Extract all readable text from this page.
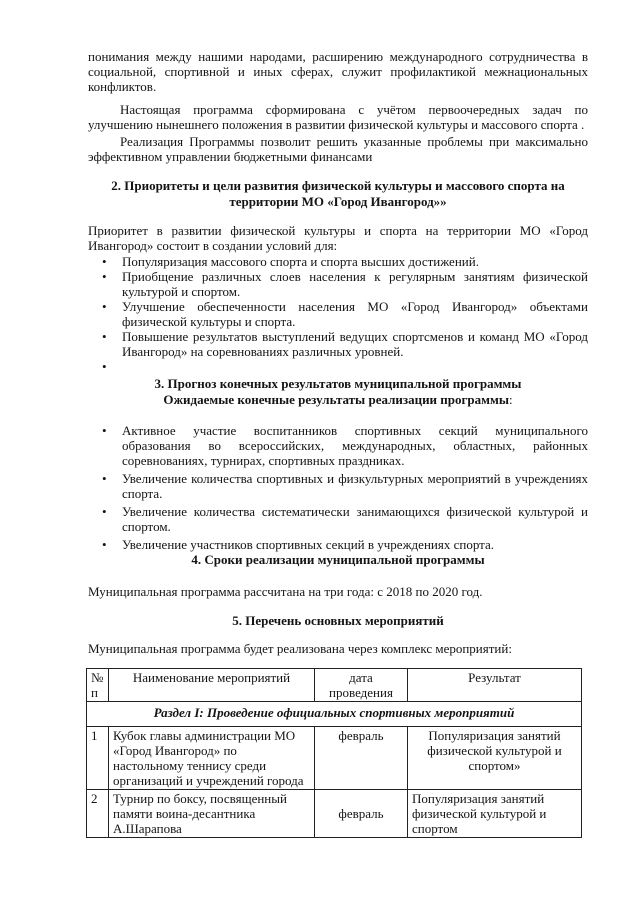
понимания между нашими народами, расширению международного сотрудничества в социальной, спортивной и иных сферах, служит профилактикой межнациональных конфликтов.

Настоящая программа сформирована с учётом первоочередных задач по улучшению нынешнего положения в развитии физической культуры и массового спорта .

Реализация Программы позволит решить указанные проблемы при максимально эффективном управлении бюджетными финансами

2. Приоритеты и цели развития физической культуры и массового спорта на
территории МО «Город Ивангород»»

Приоритет в развитии физической культуры и спорта на территории МО «Город Ивангород» состоит в создании условий для:

• Популяризация массового спорта и спорта высших достижений.
• Приобщение различных слоев населения к регулярным занятиям физической культурой и спортом.
• Улучшение обеспеченности населения МО «Город Ивангород» объектами физической культуры и спорта.
• Повышение результатов выступлений ведущих спортсменов и команд МО «Город Ивангород» на соревнованиях различных уровней.
•
3. Прогноз конечных результатов муниципальной программы
Ожидаемые конечные результаты реализации программы:
• Активное участие воспитанников спортивных секций муниципального образования во всероссийских, международных, областных, районных соревнованиях, турнирах, спортивных праздниках.
• Увеличение количества спортивных и физкультурных мероприятий в учреждениях спорта.
• Увеличение количества систематически занимающихся физической культурой и спортом.
• Увеличение участников спортивных секций в учреждениях спорта.
4. Сроки реализации муниципальной программы

Муниципальная программа рассчитана на три года: с 2018 по 2020 год.

5. Перечень основных мероприятий

Муниципальная программа будет реализована через комплекс мероприятий:

№ п	Наименование мероприятий	дата проведения	Результат
Раздел I: Проведение официальных спортивных мероприятий			
1	Кубок главы администрации МО «Город Ивангород» по настольному теннису среди организаций и учреждений города	февраль	Популяризация занятий физической культурой и спортом»
2	Турнир по боксу, посвященный памяти воина-десантника А.Шарапова	февраль	Популяризация занятий физической культурой и спортом
